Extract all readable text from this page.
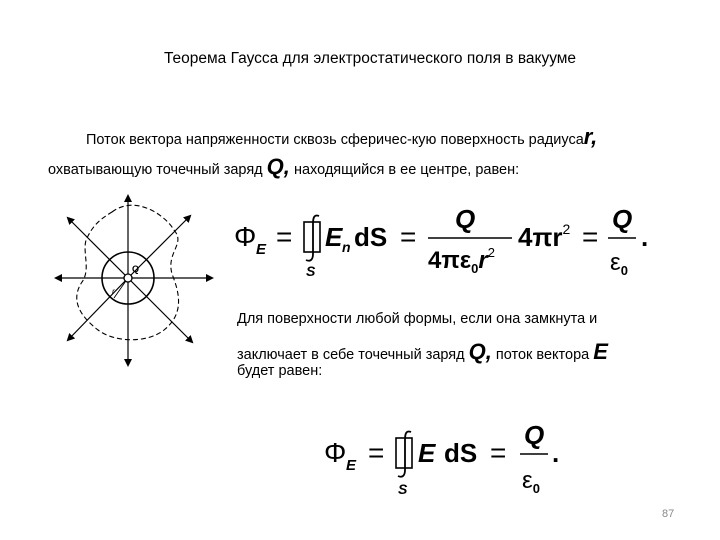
Теорема Гаусса для электростатического поля в вакууме
Поток вектора напряженности сквозь сферичес-кую поверхность радиусаr,
охватывающую точечный заряд Q, находящийся в ее центре, равен:
Q
r
Φ E =
S
E n dS =
Q
$4\pi\varepsilon_0r^2$
$4\pi r^2$ =
Q
$\varepsilon_0$
.
Для поверхности любой формы, если она замкнута и
заключает в себе точечный заряд Q, поток вектора E
будет равен:
Φ E =
S
E dS =
Q
$\varepsilon_0$
.
87
